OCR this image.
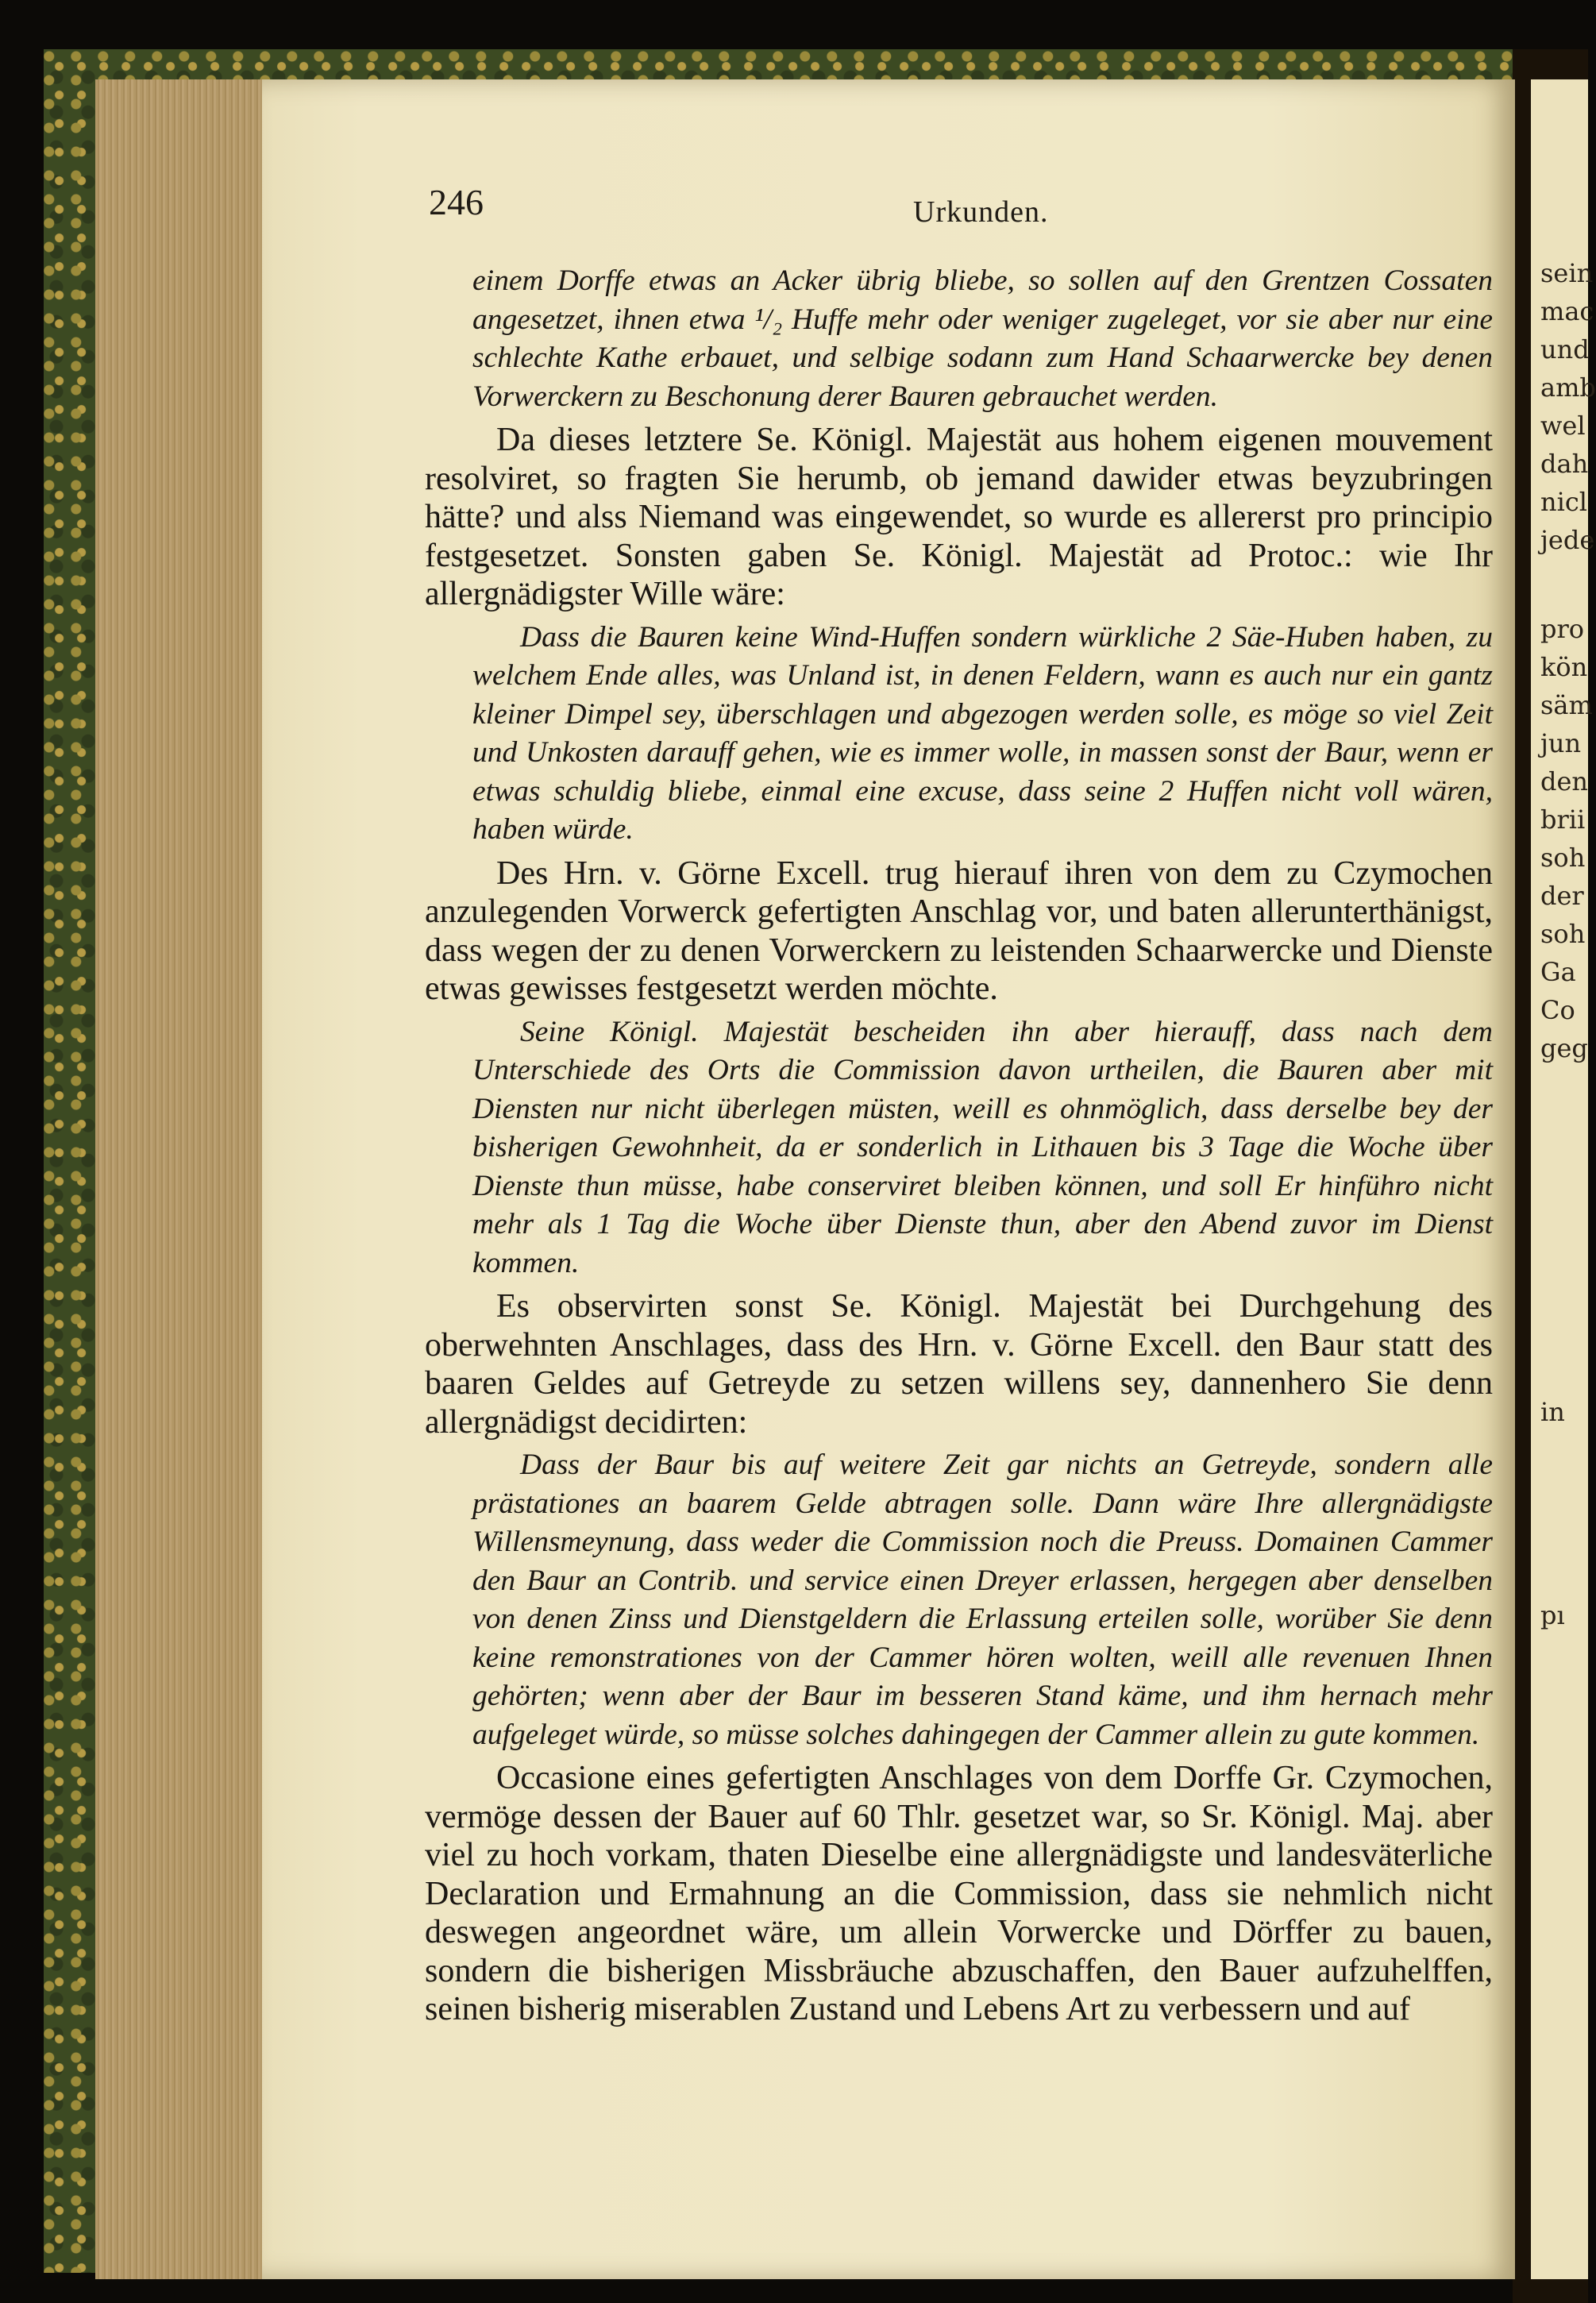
sein
mac
und
amb
wel
dah
nicl
jede
pro
kön
säm
jun
den
brii
soh
der
soh
Ga
Co
geg
in
pı
246	Urkunden.

einem Dorffe etwas an Acker übrig bliebe, so sollen auf den Grentzen Cossaten angesetzet, ihnen etwa ¹/₂ Huffe mehr oder weniger zugeleget, vor sie aber nur eine schlechte Kathe erbauet, und selbige sodann zum Hand Schaarwercke bey denen Vorwerckern zu Beschonung derer Bauren gebrauchet werden.

Da dieses letztere Se. Königl. Majestät aus hohem eigenen mouvement resolviret, so fragten Sie herumb, ob jemand dawider etwas beyzubringen hätte? und alss Niemand was eingewendet, so wurde es allererst pro principio festgesetzet. Sonsten gaben Se. Königl. Majestät ad Protoc.: wie Ihr allergnädigster Wille wäre:

Dass die Bauren keine Wind-Huffen sondern würkliche 2 Säe-Huben haben, zu welchem Ende alles, was Unland ist, in denen Feldern, wann es auch nur ein gantz kleiner Dimpel sey, überschlagen und abgezogen werden solle, es möge so viel Zeit und Unkosten darauff gehen, wie es immer wolle, in massen sonst der Baur, wenn er etwas schuldig bliebe, einmal eine excuse, dass seine 2 Huffen nicht voll wären, haben würde.

Des Hrn. v. Görne Excell. trug hierauf ihren von dem zu Czymochen anzulegenden Vorwerck gefertigten Anschlag vor, und baten allerunterthänigst, dass wegen der zu denen Vorwerckern zu leistenden Schaarwercke und Dienste etwas gewisses festgesetzt werden möchte.

Seine Königl. Majestät bescheiden ihn aber hierauff, dass nach dem Unterschiede des Orts die Commission davon urtheilen, die Bauren aber mit Diensten nur nicht überlegen müsten, weill es ohnmöglich, dass derselbe bey der bisherigen Gewohnheit, da er sonderlich in Lithauen bis 3 Tage die Woche über Dienste thun müsse, habe conserviret bleiben können, und soll Er hinführo nicht mehr als 1 Tag die Woche über Dienste thun, aber den Abend zuvor im Dienst kommen.

Es observirten sonst Se. Königl. Majestät bei Durchgehung des oberwehnten Anschlages, dass des Hrn. v. Görne Excell. den Baur statt des baaren Geldes auf Getreyde zu setzen willens sey, dannenhero Sie denn allergnädigst decidirten:

Dass der Baur bis auf weitere Zeit gar nichts an Getreyde, sondern alle prästationes an baarem Gelde abtragen solle. Dann wäre Ihre allergnädigste Willensmeynung, dass weder die Commission noch die Preuss. Domainen Cammer den Baur an Contrib. und service einen Dreyer erlassen, hergegen aber denselben von denen Zinss und Dienstgeldern die Erlassung erteilen solle, worüber Sie denn keine remonstrationes von der Cammer hören wolten, weill alle revenuen Ihnen gehörten; wenn aber der Baur im besseren Stand käme, und ihm hernach mehr aufgeleget würde, so müsse solches dahingegen der Cammer allein zu gute kommen.

Occasione eines gefertigten Anschlages von dem Dorffe Gr. Czymochen, vermöge dessen der Bauer auf 60 Thlr. gesetzet war, so Sr. Königl. Maj. aber viel zu hoch vorkam, thaten Dieselbe eine allergnädigste und landesväterliche Declaration und Ermahnung an die Commission, dass sie nehmlich nicht deswegen angeordnet wäre, um allein Vorwercke und Dörffer zu bauen, sondern die bisherigen Missbräuche abzuschaffen, den Bauer aufzuhelffen, seinen bisherig miserablen Zustand und Lebens Art zu verbessern und auf
